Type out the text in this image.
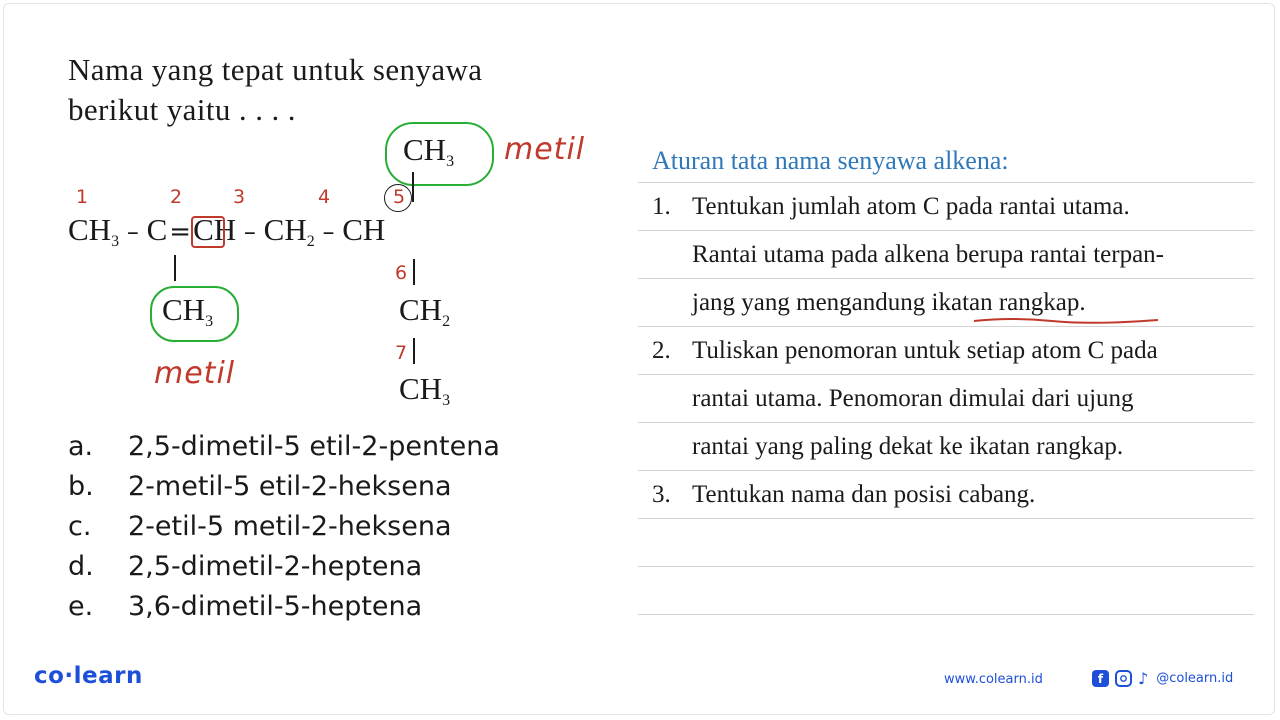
Nama yang tepat untuk senyawa
berikut yaitu . . . .
1	2	3	4	5
6
7
$CH_3 - C=CH - CH_2$ – CH
$CH_3$ metil
$CH_3$
metil
$CH_2$
$CH_3$
a.	2,5-dimetil-5 etil-2-pentena
b.	2-metil-5 etil-2-heksena
c.	2-etil-5 metil-2-heksena
d.	2,5-dimetil-2-heptena
e.	3,6-dimetil-5-heptena
Aturan tata nama senyawa alkena:
1. Tentukan jumlah atom C pada rantai utama.
Rantai utama pada alkena berupa rantai terpan-
jang yang mengandung ikatan rangkap.
2. Tuliskan penomoran untuk setiap atom C pada
rantai utama. Penomoran dimulai dari ujung
rantai yang paling dekat ke ikatan rangkap.
3. Tentukan nama dan posisi cabang.
co·learn	www.colearn.id	f	♪ @colearn.id
